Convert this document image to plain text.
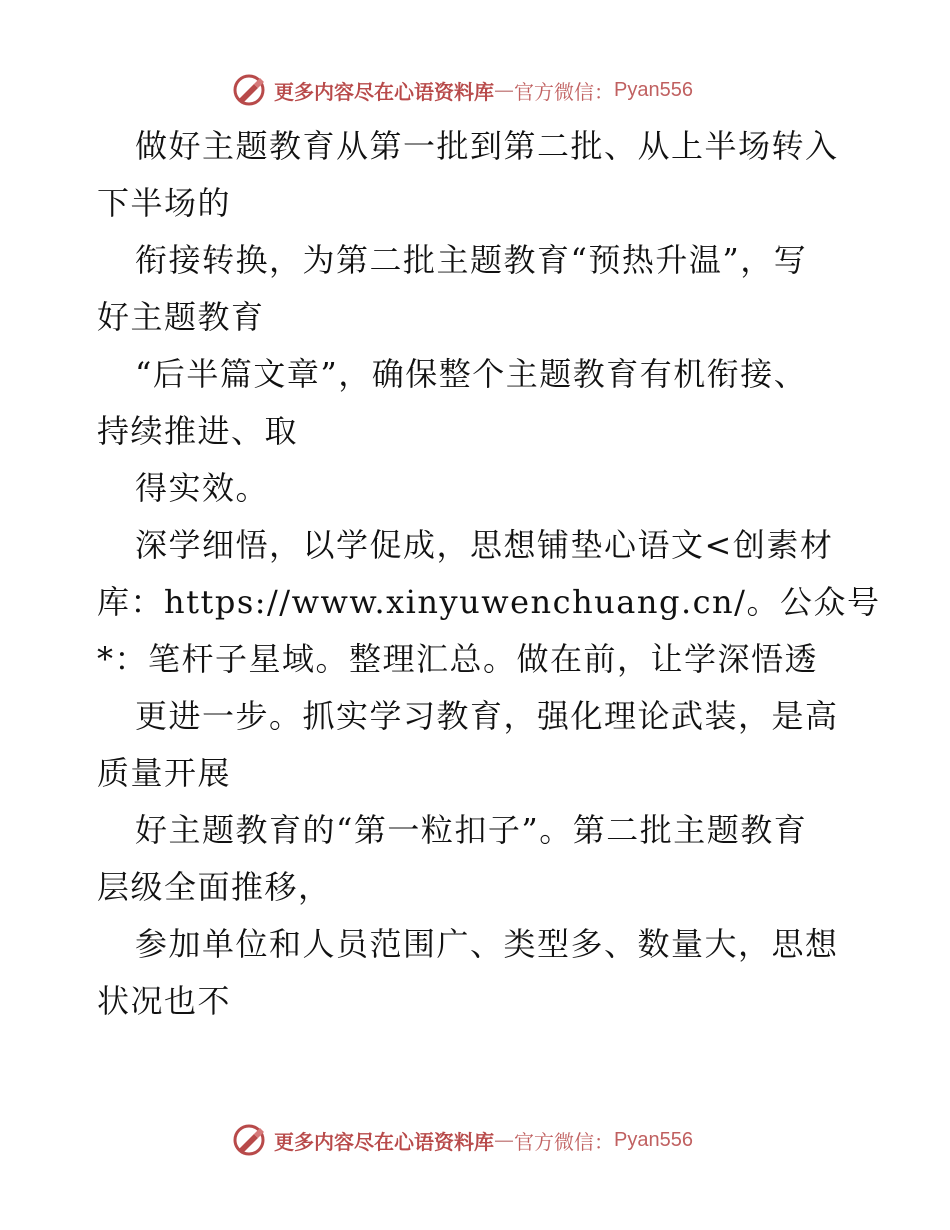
更多内容尽在心语资料库 — 官方微信： Pyan556
做好主题教育从第一批到第二批、从上半场转入
下半场的
衔接转换，为第二批主题教育“预热升温”，写
好主题教育
“后半篇文章”，确保整个主题教育有机衔接、
持续推进、取
得实效。
深学细悟，以学促成，思想铺垫心语文<创素材
库：https://www.xinyuwenchuang.cn/。公众号
*：笔杆子星域。整理汇总。做在前，让学深悟透
更进一步。抓实学习教育，强化理论武装，是高
质量开展
好主题教育的“第一粒扣子”。第二批主题教育
层级全面推移，
参加单位和人员范围广、类型多、数量大，思想
状况也不
更多内容尽在心语资料库 — 官方微信： Pyan556
